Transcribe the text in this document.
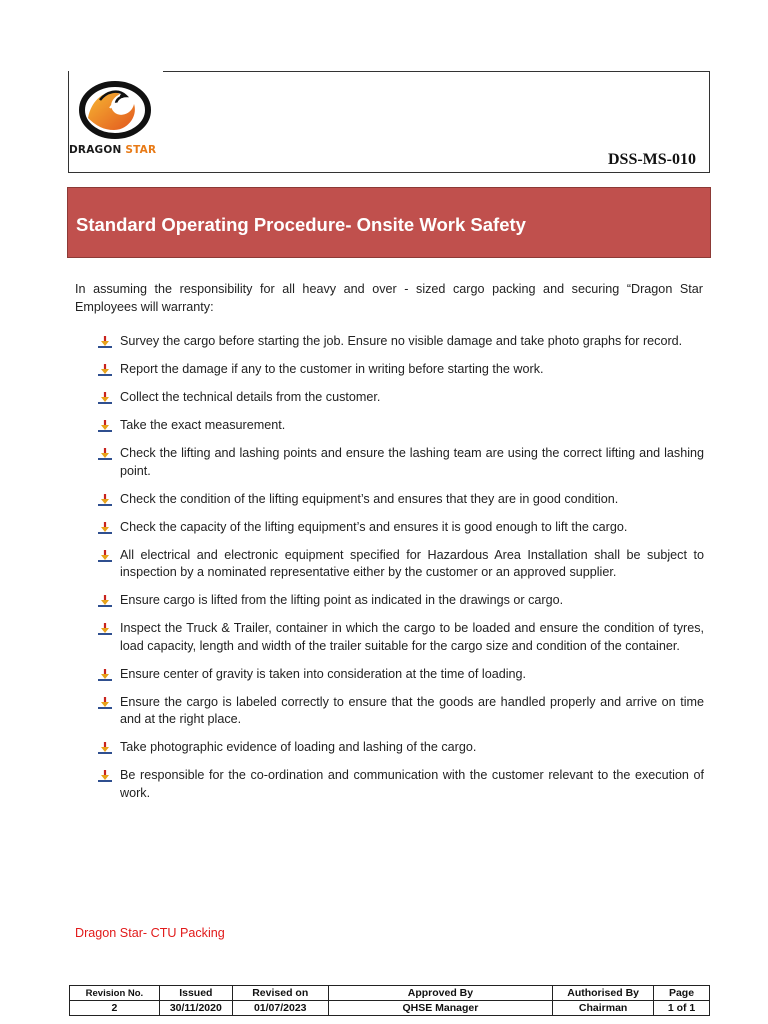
DRAGON STAR
DSS-MS-010
Standard Operating Procedure- Onsite Work Safety
In assuming the responsibility for all heavy and over - sized cargo packing and securing “Dragon Star Employees will warranty:
Survey the cargo before starting the job. Ensure no visible damage and take photo graphs for record.
Report the damage if any to the customer in writing before starting the work.
Collect the technical details from the customer.
Take the exact measurement.
Check the lifting and lashing points and ensure the lashing team are using the correct lifting and lashing point.
Check the condition of the lifting equipment’s and ensures that they are in good condition.
Check the capacity of the lifting equipment’s and ensures it is good enough to lift the cargo.
All electrical and electronic equipment specified for Hazardous Area Installation shall be subject to inspection by a nominated representative either by the customer or an approved supplier.
Ensure cargo is lifted from the lifting point as indicated in the drawings or cargo.
Inspect the Truck & Trailer, container in which the cargo to be loaded and ensure the condition of tyres, load capacity, length and width of the trailer suitable for the cargo size and condition of the container.
Ensure center of gravity is taken into consideration at the time of loading.
Ensure the cargo is labeled correctly to ensure that the goods are handled properly and arrive on time and at the right place.
Take photographic evidence of loading and lashing of the cargo.
Be responsible for the co-ordination and communication with the customer relevant to the execution of work.
Dragon Star- CTU Packing
Revision No.	Issued	Revised on	Approved By	Authorised By	Page
2	30/11/2020	01/07/2023	QHSE Manager	Chairman	1 of 1
